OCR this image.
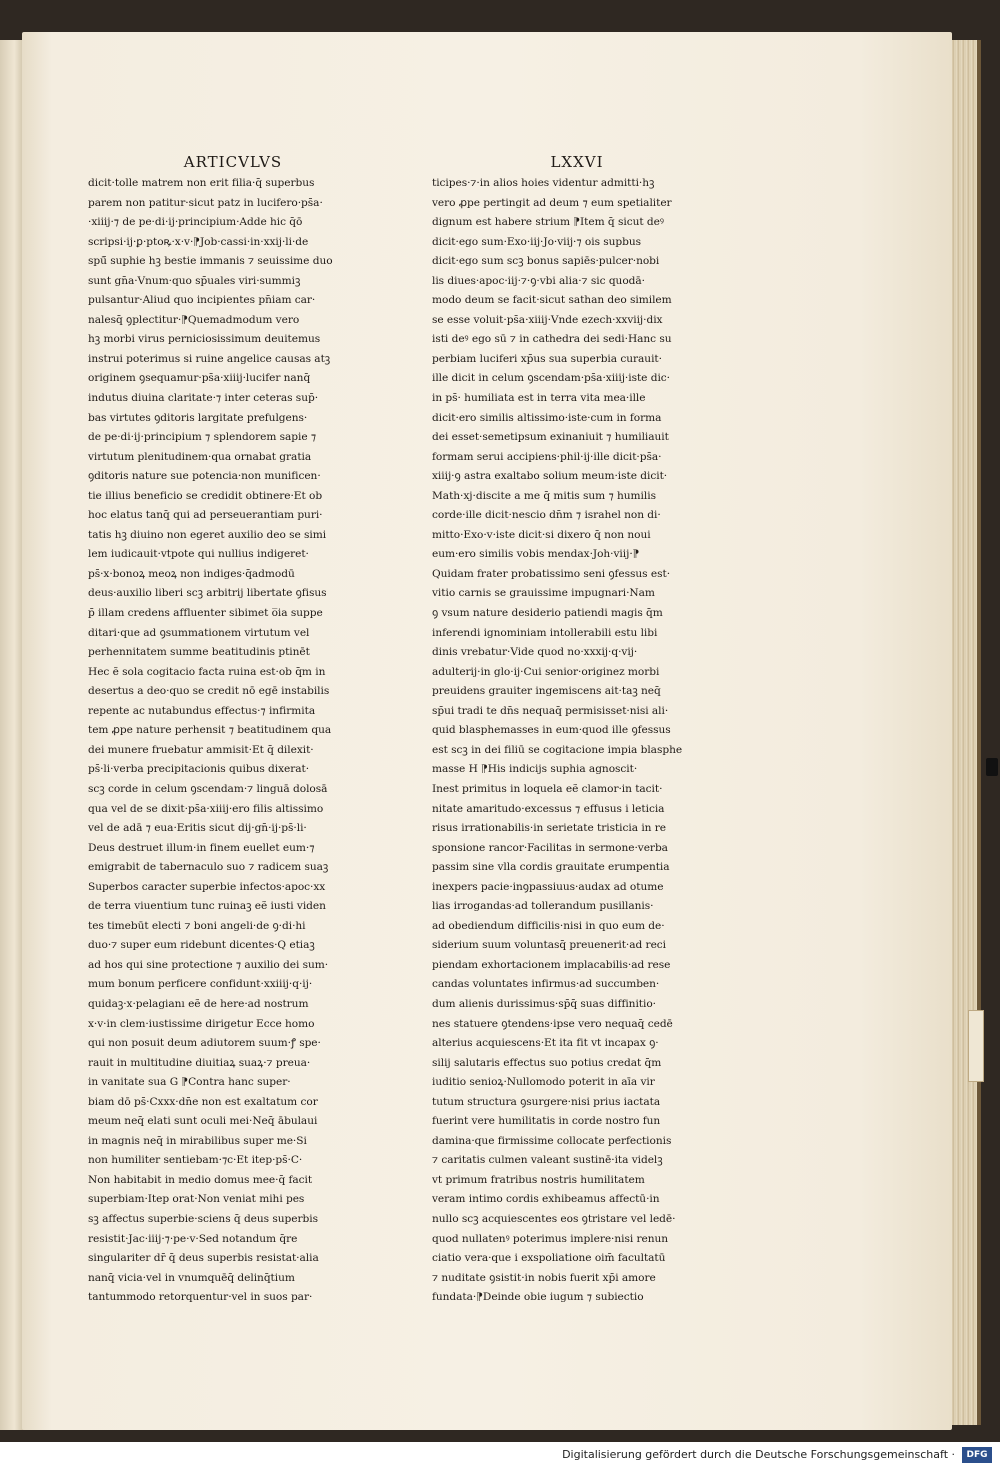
ARTICVLVS
dicit·tolle matrem non erit filia·q̄ superbus
parem non patitur·sicut patz in lucifero·ps̄a·
·xiiij·⁊ de pe·di·ij·principium·Adde hic q̄ō
scripsi·ij·ꝑ·ptoꝶ·x·v·⁋Job·cassi·in·xxij·li·de
spū̄ suphie hꝫ bestie immanis ⁊ seuissime duo
sunt gn̄a·Vnum·quo sp̄uales viri·summiꝫ
pulsantur·Aliud quo incipientes pn̄iam car·
nalesq̄ ꝯplectitur·⁋Quemadmodum vero
hꝫ morbi virus perniciosissimum deuitemus
instrui poterimus si ruine angelice causas atꝫ
originem ꝯsequamur·ps̄a·xiiij·lucifer nanq̄
indutus diuina claritate·⁊ inter ceteras sup̄·
bas virtutes ꝯditoris largitate prefulgens·
de pe·di·ij·principium ⁊ splendorem sapie ⁊
virtutum plenitudinem·qua ornabat gratia
ꝯditoris nature sue potencia·non munificen·
tie illius beneficio se credidit obtinere·Et ob
hoc elatus tanq̄ qui ad perseuerantiam puri·
tatis hꝫ diuino non egeret auxilio deo se simi
lem iudicauit·vtpote qui nullius indigeret·
ps̄·x·bonoꝝ meoꝝ non indiges·q̄admodū
deus·auxilio liberi scꝫ arbitrij libertate ꝯfisus
p̄ illam credens affluenter sibimet o̅ia suppe
ditari·que ad ꝯsummationem virtutum vel
perhennitatem summe beatitudinis ptinēt
Hec ẽ sola cogitacio facta ruina est·ob q̄m in
desertus a deo·quo se credit nō egē instabilis
repente ac nutabundus effectus·⁊ infirmita
tem ꝓpe nature perhensit ⁊ beatitudinem qua
dei munere fruebatur ammisit·Et q̄ dilexit·
ps̄·li·verba precipitacionis quibus dixerat·
scꝫ corde in celum ꝯscendam·⁊ linguā dolosā
qua vel de se dixit·ps̄a·xiiij·ero filis altissimo
vel de adā ⁊ eua·Eritis sicut dij·gn̄·ij·ps̄·li·
Deus destruet illum·in finem euellet eum·⁊
emigrabit de tabernaculo suo ⁊ radicem suaꝫ
Superbos caracter superbie infectos·apoc·xx
de terra viuentium tunc ruinaꝫ eẽ iusti viden
tes timebūt electi ⁊ boni angeli·de ꝯ·di·hi
duo·⁊ super eum ridebunt dicentes·Q etiaꝫ
ad hos qui sine protectione ⁊ auxilio dei sum·
mum bonum perficere confidunt·xxiiij·q·ij·
quidaꝫ·x·pelagianı eẽ de here·ad nostrum
x·v·in clem·iustissime dirigetur Ecce homo
qui non posuit deum adiutorem suum·ꝭ spe·
rauit in multitudine diuitiaꝝ suaꝝ·⁊ preua·
in vanitate sua G ⁋Contra hanc super·
biam dō ps̄·Cxxx·dn̄e non est exaltatum cor
meum neq̄ elati sunt oculi mei·Neq̄ ābulaui
in magnis neq̄ in mirabilibus super me·Si
non humiliter sentiebam·⁊c·Et itep·ps̄·C·
Non habitabit in medio domus mee·q̄ facit
superbiam·Itep orat·Non veniat mihi pes
sꝫ affectus superbie·sciens q̄ deus superbis
resistit·Jac·iiij·⁊·pe·v·Sed notandum q̄re
singulariter dr̄ q̄ deus superbis resistat·alia
nanq̄ vicia·vel in vnumquēq̄ delinq̄tium
tantummodo retorquentur·vel in suos par·
LXXVI
ticipes·⁊·in alios hoies videntur admitti·hꝫ
vero ꝓpe pertingit ad deum ⁊ eum spetialiter
dignum est habere strium ⁋Item q̄ sicut deꝰ
dicit·ego sum·Exo·iij·Jo·viij·⁊ ois supbus
dicit·ego sum scꝫ bonus sapiēs·pulcer·nobi
lis diues·apoc·iij·⁊·ꝯ·vbi alia·⁊ sic quodā·
modo deum se facit·sicut sathan deo similem
se esse voluit·ps̄a·xiiij·Vnde ezech·xxviij·dix
isti deꝰ ego sū ⁊ in cathedra dei sedi·Hanc su
perbiam luciferi xp̄us sua superbia curauit·
ille dicit in celum ꝯscendam·ps̄a·xiiij·iste dic·
in ps̄· humiliata est in terra vita mea·ille
dicit·ero similis altissimo·iste·cum in forma
dei esset·semetipsum exinaniuit ⁊ humiliauit
formam serui accipiens·phil·ij·ille dicit·ps̄a·
xiiij·ꝯ astra exaltabo solium meum·iste dicit·
Math·xj·discite a me q̄ mitis sum ⁊ humilis
corde·ille dicit·nescio dn̄m ⁊ israhel non di·
mitto·Exo·v·iste dicit·si dixero q̄ non noui
eum·ero similis vobis mendax·Joh·viij·⁋
Quidam frater probatissimo seni ꝯfessus est·
vitio carnis se grauissime impugnari·Nam
ꝯ vsum nature desiderio patiendi magis q̄m
inferendi ignominiam intollerabili estu libi
dinis vrebatur·Vide quod no·xxxij·q·vij·
adulterij·in glo·ij·Cui senior·originez morbi
preuidens grauiter ingemiscens ait·taꝫ neq̄
sp̄ui tradi te dn̄s nequaq̄ permisisset·nisi ali·
quid blasphemasses in eum·quod ille ꝯfessus
est scꝫ in dei filiū se cogitacione impia blasphe
masse H ⁋His indicijs suphia agnoscit·
Inest primitus in loquela eẽ clamor·in tacit·
nitate amaritudo·excessus ⁊ effusus i leticia
risus irrationabilis·in serietate tristicia in re
sponsione rancor·Facilitas in sermone·verba
passim sine vlla cordis grauitate erumpentia
inexpers pacie·inꝯpassiuus·audax ad otume
lias irrogandas·ad tollerandum pusillanis·
ad obediendum difficilis·nisi in quo eum de·
siderium suum voluntasq̄ preuenerit·ad reci
piendam exhortacionem implacabilis·ad rese
candas voluntates infirmus·ad succumben·
dum alienis durissimus·sp̄q̄ suas diffinitio·
nes statuere ꝯtendens·ipse vero nequaq̄ cedē
alterius acquiescens·Et ita fit vt incapax ꝯ·
silij salutaris effectus suo potius credat q̄m
iuditio senioꝝ·Nullomodo poterit in aīa vir
tutum structura ꝯsurgere·nisi prius iactata
fuerint vere humilitatis in corde nostro fun
damina·que firmissime collocate perfectionis
⁊ caritatis culmen valeant sustinē·ita videlꝫ
vt primum fratribus nostris humilitatem
veram intimo cordis exhibeamus affectū·in
nullo scꝫ acquiescentes eos ꝯtristare vel ledē·
quod nullatenꝰ poterimus implere·nisi renun
ciatio vera·que i exspoliatione oim̄ facultatū
⁊ nuditate ꝯsistit·in nobis fuerit xp̄i amore
fundata·⁋Deinde obie iugum ⁊ subiectio
Digitalisierung gefördert durch die Deutsche Forschungsgemeinschaft ·	DFG
